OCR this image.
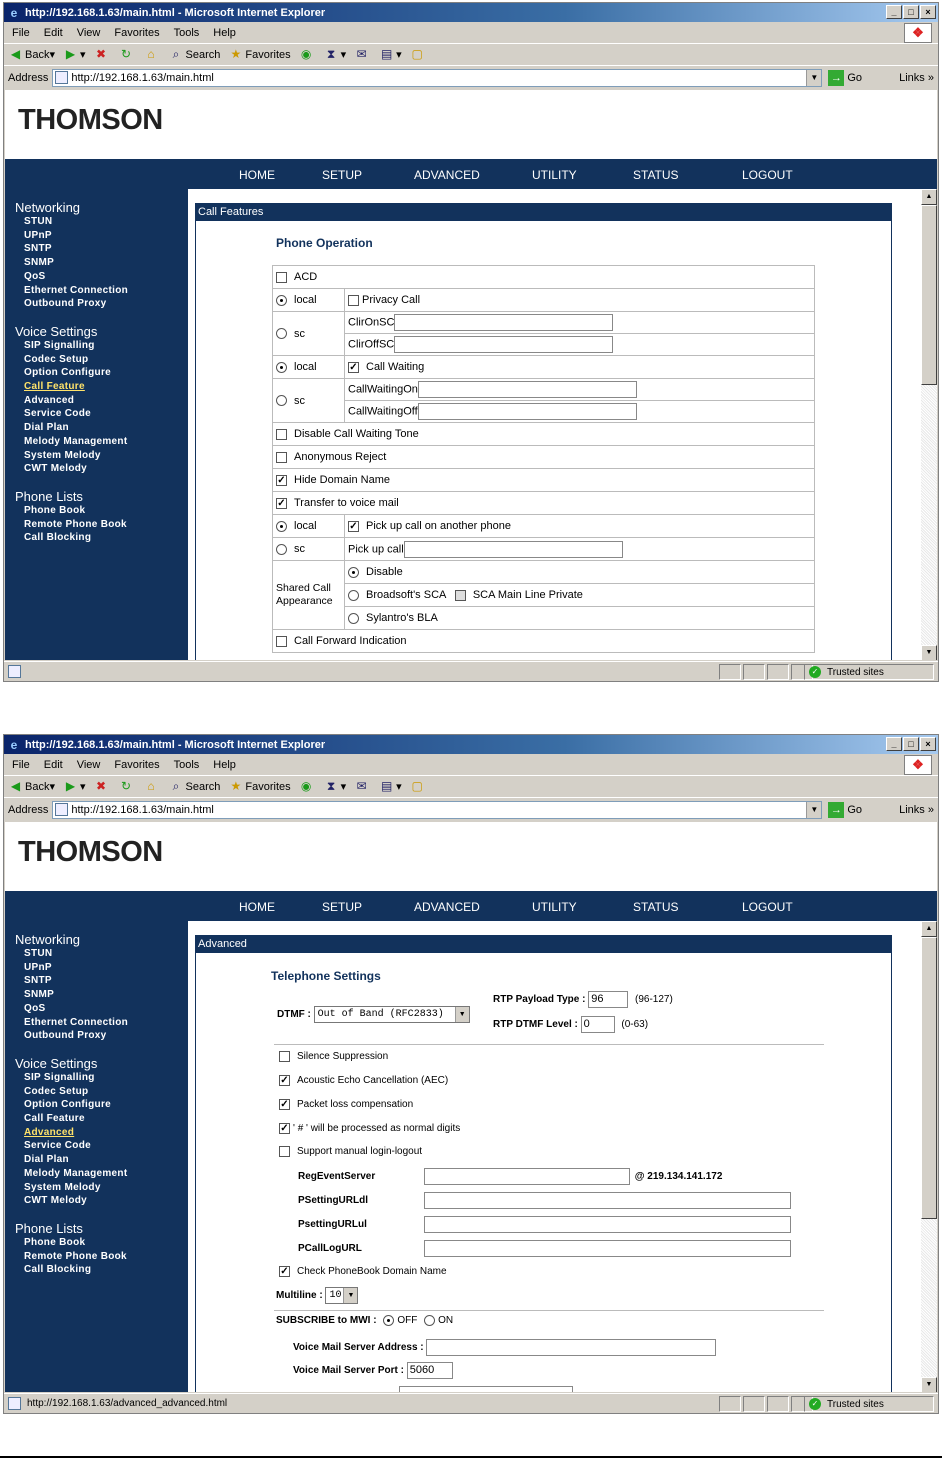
e http://192.168.1.63/main.html - Microsoft Internet Explorer	_	□	×
File Edit View Favorites Tools Help	❖
◀ Back ▾ ▶ ▾ ✖ ↻	⌂	⌕ Search ★ Favorites ◉ ⧗ ▾ ✉ ▤ ▾ ▢
Address http://192.168.1.63/main.html	▼ → Go	Links »
THOMSON
HOME	SETUP	ADVANCED	UTILITY	STATUS	LOGOUT
Networking
STUN
UPnP
SNTP
SNMP
QoS
Ethernet Connection
Outbound Proxy
Voice Settings
SIP Signalling
Codec Setup
Option Configure
Call Feature
Advanced
Service Code
Dial Plan
Melody Management
System Melody
CWT Melody
Phone Lists
Phone Book
Remote Phone Book
Call Blocking
Call Features
Phone Operation
ACD	
local	Privacy Call
sc	ClirOnSC
	ClirOffSC
local	✓ Call Waiting
sc	CallWaitingOn
	CallWaitingOff
Disable Call Waiting Tone	
Anonymous Reject	
✓ Hide Domain Name	
✓ Transfer to voice mail	
local	✓ Pick up call on another phone
sc	Pick up call
Shared Call Appearance	Disable
	Broadsoft's SCA SCA Main Line Private
	Sylantro's BLA
Call Forward Indication	
▲
▼
✓ Trusted sites
e http://192.168.1.63/main.html - Microsoft Internet Explorer	_	□	×
File Edit View Favorites Tools Help	❖
◀ Back ▾ ▶ ▾ ✖ ↻	⌂	⌕ Search ★ Favorites ◉ ⧗ ▾ ✉ ▤ ▾ ▢
Address http://192.168.1.63/main.html	▼ → Go	Links »
THOMSON
HOME	SETUP	ADVANCED	UTILITY	STATUS	LOGOUT
Networking
STUN
UPnP
SNTP
SNMP
QoS
Ethernet Connection
Outbound Proxy
Voice Settings
SIP Signalling
Codec Setup
Option Configure
Call Feature
Advanced
Service Code
Dial Plan
Melody Management
System Melody
CWT Melody
Phone Lists
Phone Book
Remote Phone Book
Call Blocking
Advanced
Telephone Settings
DTMF : Out of Band (RFC2833)	▼
RTP Payload Type : 96	(96-127)
RTP DTMF Level : 0	(0-63)
Silence Suppression
✓ Acoustic Echo Cancellation (AEC)
✓ Packet loss compensation
✓ ' # ' will be processed as normal digits
Support manual login-logout
RegEventServer	@ 219.134.141.172
PSettingURLdl
PsettingURLul
PCallLogURL
✓ Check PhoneBook Domain Name
Multiline : 10 ▼
SUBSCRIBE to MWI : OFF ON
Voice Mail Server Address :
Voice Mail Server Port : 5060
▲
▼
http://192.168.1.63/advanced_advanced.html	✓ Trusted sites
